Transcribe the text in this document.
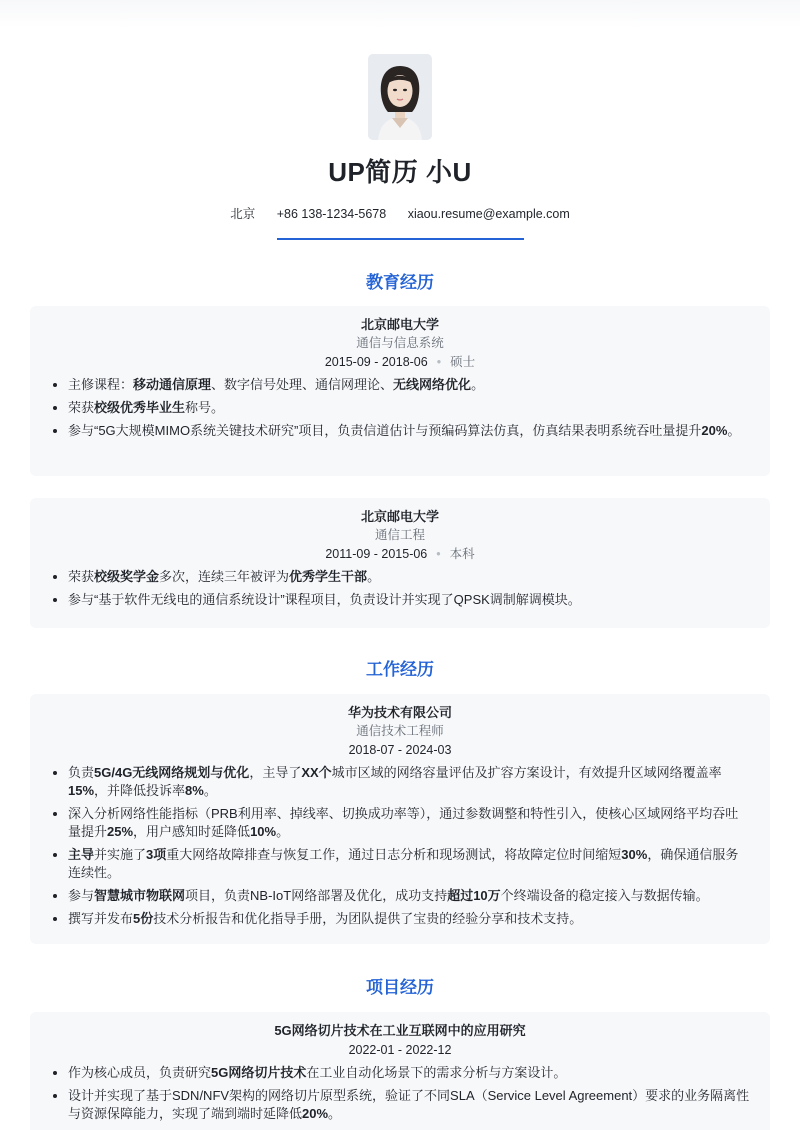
UP简历 小U
北京 +86 138-1234-5678 xiaou.resume@example.com
教育经历
北京邮电大学
通信与信息系统
2015-09 - 2018-06 • 硕士
• 主修课程：移动通信原理、数字信号处理、通信网理论、无线网络优化。
• 荣获校级优秀毕业生称号。
• 参与“5G大规模MIMO系统关键技术研究”项目，负责信道估计与预编码算法仿真，仿真结果表明系统吞吐量提升20%。
北京邮电大学
通信工程
2011-09 - 2015-06 • 本科
• 荣获校级奖学金多次，连续三年被评为优秀学生干部。
• 参与“基于软件无线电的通信系统设计”课程项目，负责设计并实现了QPSK调制解调模块。
工作经历
华为技术有限公司
通信技术工程师
2018-07 - 2024-03
• 负责5G/4G无线网络规划与优化，主导了XX个城市区域的网络容量评估及扩容方案设计，有效提升区域网络覆盖率15%，并降低投诉率8%。
• 深入分析网络性能指标（PRB利用率、掉线率、切换成功率等），通过参数调整和特性引入，使核心区域网络平均吞吐量提升25%，用户感知时延降低10%。
• 主导并实施了3项重大网络故障排查与恢复工作，通过日志分析和现场测试，将故障定位时间缩短30%，确保通信服务连续性。
• 参与智慧城市物联网项目，负责NB-IoT网络部署及优化，成功支持超过10万个终端设备的稳定接入与数据传输。
• 撰写并发布5份技术分析报告和优化指导手册，为团队提供了宝贵的经验分享和技术支持。
项目经历
5G网络切片技术在工业互联网中的应用研究
2022-01 - 2022-12
• 作为核心成员，负责研究5G网络切片技术在工业自动化场景下的需求分析与方案设计。
• 设计并实现了基于SDN/NFV架构的网络切片原型系统，验证了不同SLA（Service Level Agreement）要求的业务隔离性与资源保障能力，实现了端到端时延降低20%。
